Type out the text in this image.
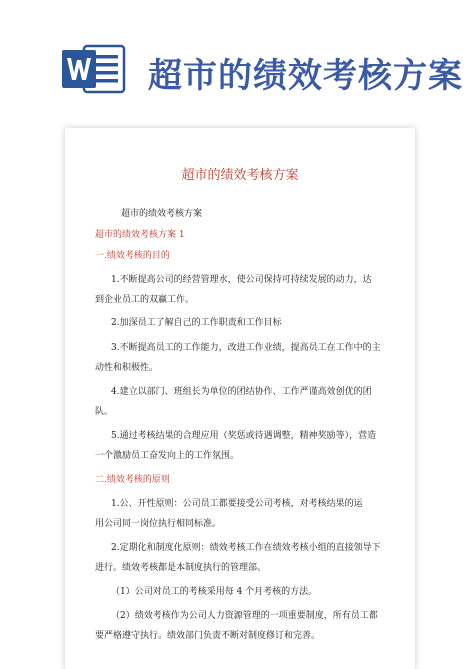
超市的绩效考核方案
超市的绩效考核方案
超市的绩效考核方案
超市的绩效考核方案 1
一.绩效考核的目的
1.不断提高公司的经营管理水，使公司保持可持续发展的动力，达
到企业员工的双赢工作。
2.加深员工了解自己的工作职责和工作目标
3.不断提高员工的工作能力，改进工作业绩，提高员工在工作中的主
动性和积极性。
4.建立以部门、班组长为单位的团结协作、工作严谨高效创优的团
队。
5.通过考核结果的合理应用（奖惩或待遇调整，精神奖励等），营造
一个激励员工奋发向上的工作氛围。
二.绩效考核的原则
1.公、开性原则：公司员工都要接受公司考核，对考核结果的运
用公司同一岗位执行相同标准。
2.定期化和制度化原则：绩效考核工作在绩效考核小组的直接领导下
进行。绩效考核都是本制度执行的管理部。
（1）公司对员工的考核采用每 4 个月考核的方法。
（2）绩效考核作为公司人力资源管理的一项重要制度，所有员工都
要严格遵守执行。绩效部门负责不断对制度修订和完善。
